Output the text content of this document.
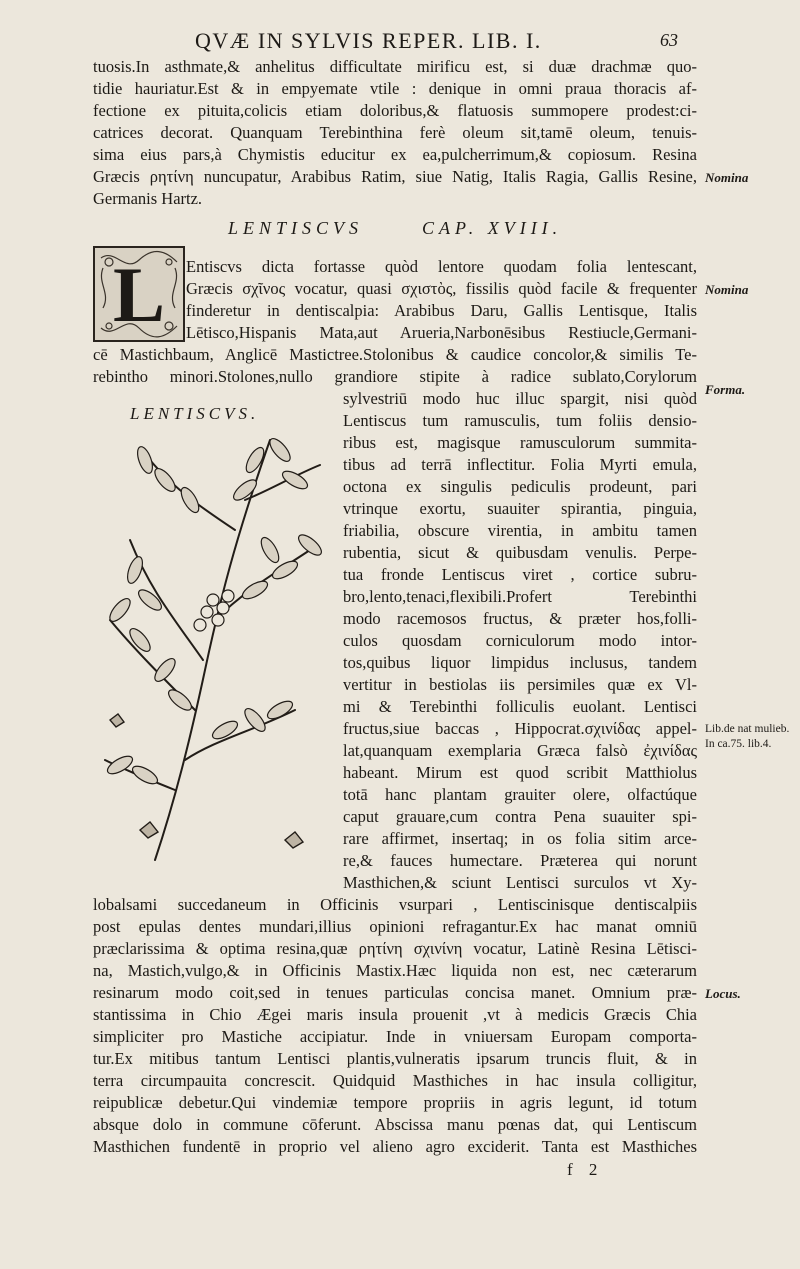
QVÆ IN SYLVIS REPER. LIB. I.	63
tuosis.In asthmate,& anhelitus difficultate mirificu est, si duæ drachmæ quo-
tidie hauriatur.Est & in empyemate vtile : denique in omni praua thoracis af-
fectione ex pituita,colicis etiam doloribus,& flatuosis summopere prodest:ci-
catrices decorat. Quanquam Terebinthina ferè oleum sit,tamē oleum, tenuis-
sima eius pars,à Chymistis educitur ex ea,pulcherrimum,& copiosum. Resina
Græcis ρητίνη nuncupatur, Arabibus Ratim, siue Natig, Italis Ragia, Gallis Resine,
Germanis Hartz.
Nomina
LENTISCVS	CAP. XVIII.
L	Entiscvs dicta fortasse quòd lentore quodam folia lentescant,
Græcis σχῖνος vocatur, quasi σχιστὸς, fissilis quòd facile & frequenter
finderetur in dentiscalpia: Arabibus Daru, Gallis Lentisque, Italis
Lētisco,Hispanis Mata,aut Arueria,Narbonēsibus Restiucle,Germani-
Nomina
cē Mastichbaum, Anglicē Mastictree.Stolonibus & caudice concolor,& similis Te-
rebintho minori.Stolones,nullo grandiore stipite à radice sublato,Corylorum
Forma.
LENTISCVS.
sylvestriū modo huc illuc spargit, nisi quòd
Lentiscus tum ramusculis, tum foliis densio-
ribus est, magisque ramusculorum summita-
tibus ad terrā inflectitur. Folia Myrti emula,
octona ex singulis pediculis prodeunt, pari
vtrinque exortu, suauiter spirantia, pinguia,
friabilia, obscure virentia, in ambitu tamen
rubentia, sicut & quibusdam venulis. Perpe-
tua fronde Lentiscus viret , cortice subru-
bro,lento,tenaci,flexibili.Profert Terebinthi
modo racemosos fructus, & præter hos,folli-
culos quosdam corniculorum modo intor-
tos,quibus liquor limpidus inclusus, tandem
vertitur in bestiolas iis persimiles quæ ex Vl-
mi & Terebinthi folliculis euolant. Lentisci
fructus,siue baccas , Hippocrat.σχινίδας appel-
lat,quanquam exemplaria Græca falsò ἐχινίδας
habeant. Mirum est quod scribit Matthiolus
totā hanc plantam grauiter olere, olfactúque
caput grauare,cum contra Pena suauiter spi-
rare affirmet, insertaq; in os folia sitim arce-
re,& fauces humectare. Præterea qui norunt
Masthichen,& sciunt Lentisci surculos vt Xy-
Lib.de nat mulieb. In ca.75. lib.4.
lobalsami succedaneum in Officinis vsurpari , Lentiscinisque dentiscalpiis
post epulas dentes mundari,illius opinioni refragantur.Ex hac manat omniū
præclarissima & optima resina,quæ ρητίνη σχινίνη vocatur, Latinè Resina Lētisci-
na, Mastich,vulgo,& in Officinis Mastix.Hæc liquida non est, nec cæterarum
resinarum modo coit,sed in tenues particulas concisa manet. Omnium præ-
stantissima in Chio Ægei maris insula prouenit ,vt à medicis Græcis Chia
simpliciter pro Mastiche accipiatur. Inde in vniuersam Europam comporta-
tur.Ex mitibus tantum Lentisci plantis,vulneratis ipsarum truncis fluit, & in
terra circumpauita concrescit. Quidquid Masthiches in hac insula colligitur,
reipublicæ debetur.Qui vindemiæ tempore propriis in agris legunt, id totum
absque dolo in commune cōferunt. Abscissa manu pœnas dat, qui Lentiscum
Masthichen fundentē in proprio vel alieno agro exciderit. Tanta est Masthiches
Locus.
f 2
